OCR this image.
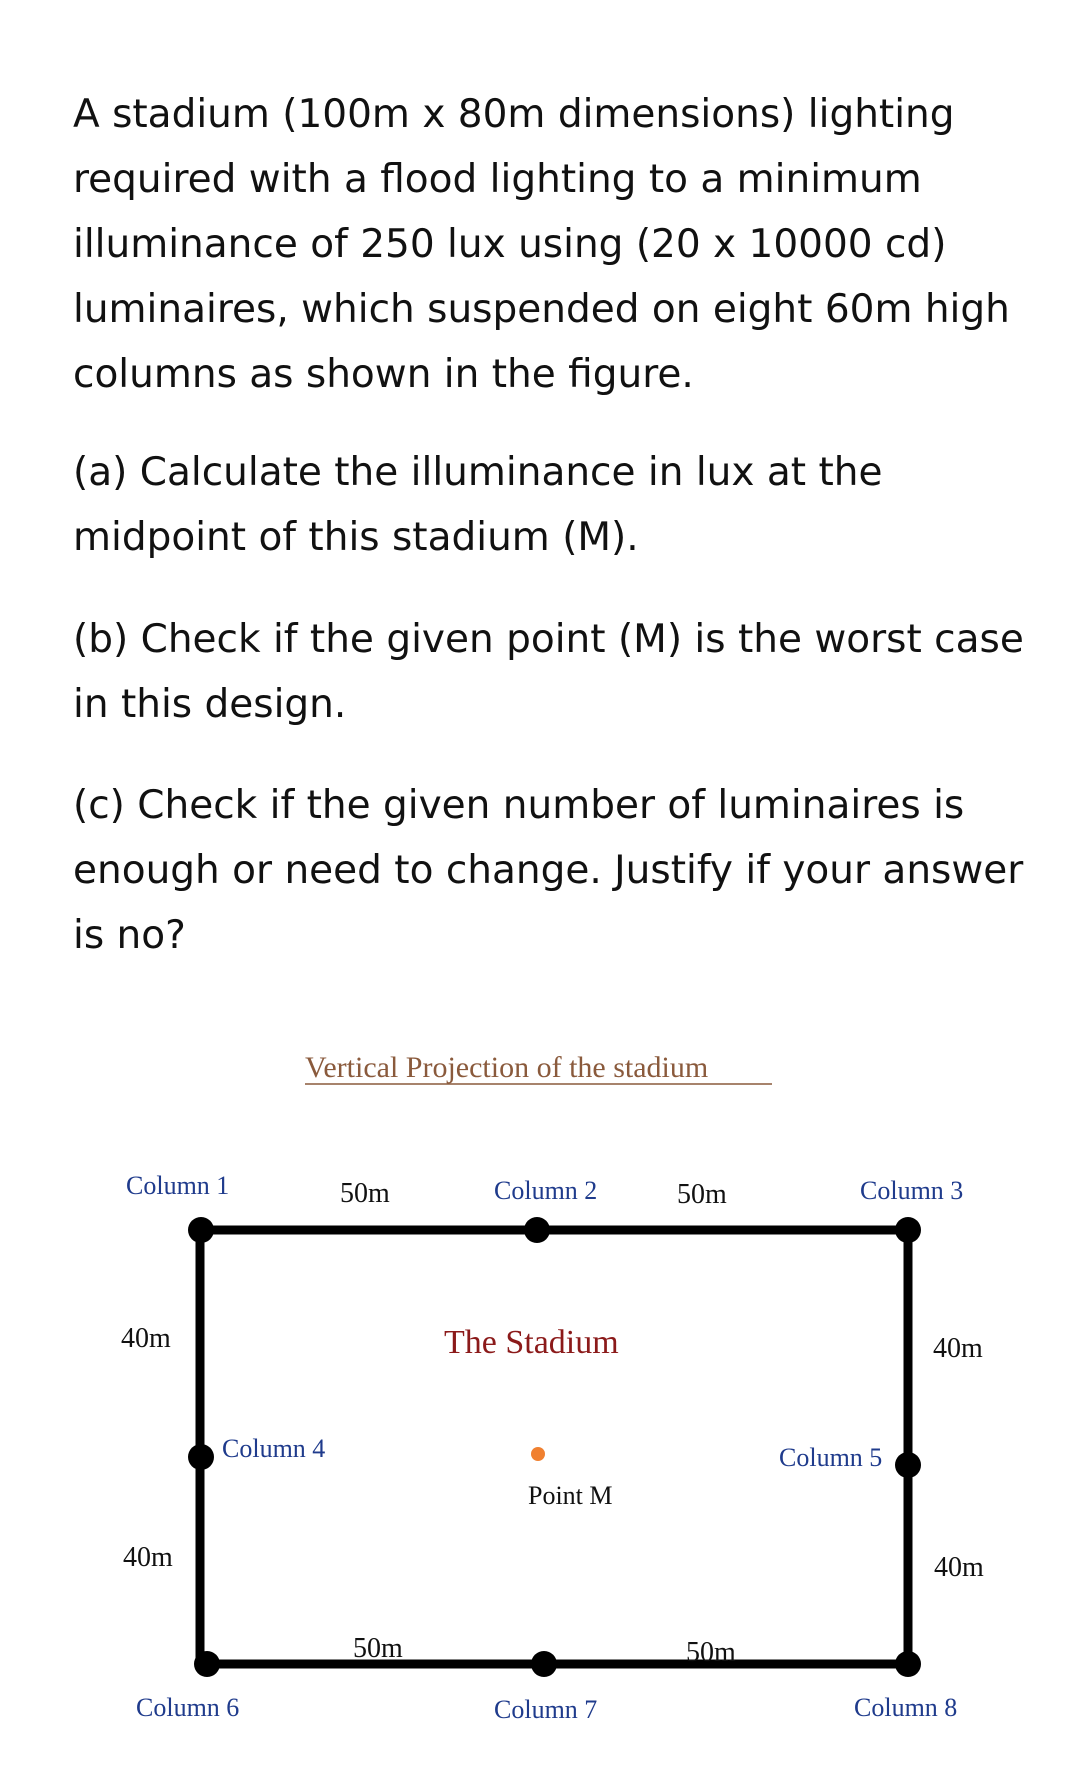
A stadium (100m x 80m dimensions) lighting required with a flood lighting to a minimum illuminance of 250 lux using (20 x 10000 cd) luminaires, which suspended on eight 60m high columns as shown in the figure.

(a) Calculate the illuminance in lux at the midpoint of this stadium (M).

(b) Check if the given point (M) is the worst case in this design.

(c) Check if the given number of luminaires is enough or need to change. Justify if your answer is no?

Vertical Projection of the stadium
Column 1	Column 2	Column 3
Column 4	Column 5
Column 6	Column 7	Column 8
50m	50m
40m
40m
40m
40m
50m	50m
The Stadium
Point M
